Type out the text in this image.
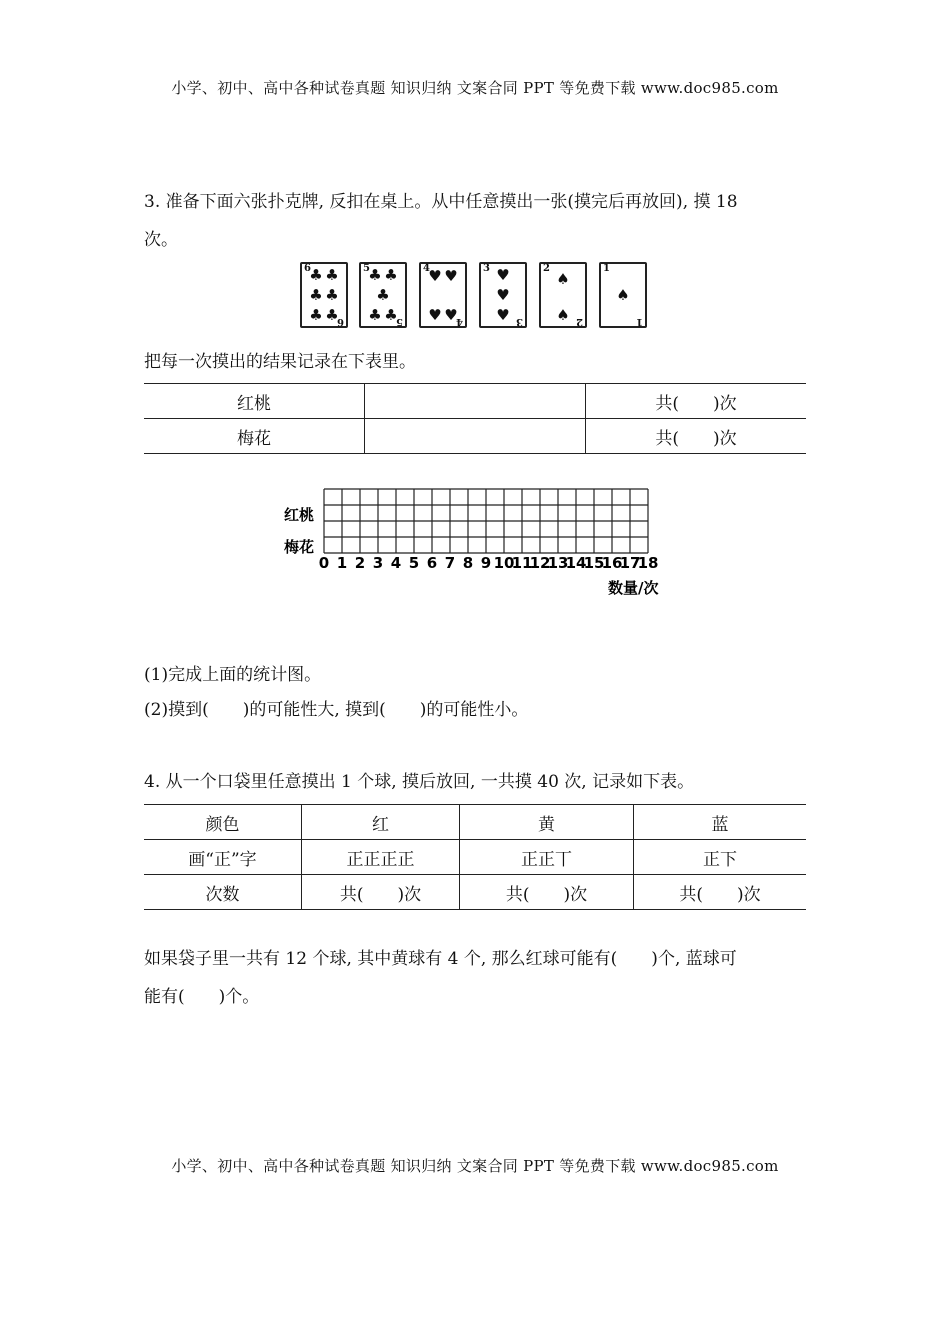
小学、初中、高中各种试卷真题 知识归纳 文案合同 PPT 等免费下载 www.doc985.com
3. 准备下面六张扑克牌, 反扣在桌上。从中任意摸出一张(摸完后再放回), 摸 18
次。
6
♣ ♣
♣ ♣
♣ ♣
6
5
♣ ♣
♣
♣ ♣
5
4
♥ ♥
♥ ♥
4
3 ♥
♥
♥ 3
2
♠
♠ 2
1
♠
1
把每一次摸出的结果记录在下表里。
红桃		共(　　)次
梅花		共(　　)次
红桃
梅花
0 1 2 3 4 5 6 7 8 9 10
11
12
13
14
15
16
17
18
数量/次
(1)完成上面的统计图。
(2)摸到(　　)的可能性大, 摸到(　　)的可能性小。
4. 从一个口袋里任意摸出 1 个球, 摸后放回, 一共摸 40 次, 记录如下表。
颜色	红	黄	蓝
画“正”字	正正正正	正正丅	正下
次数	共(　　)次	共(　　)次	共(　　)次
如果袋子里一共有 12 个球, 其中黄球有 4 个, 那么红球可能有(　　)个, 蓝球可
能有(　　)个。
小学、初中、高中各种试卷真题 知识归纳 文案合同 PPT 等免费下载 www.doc985.com
